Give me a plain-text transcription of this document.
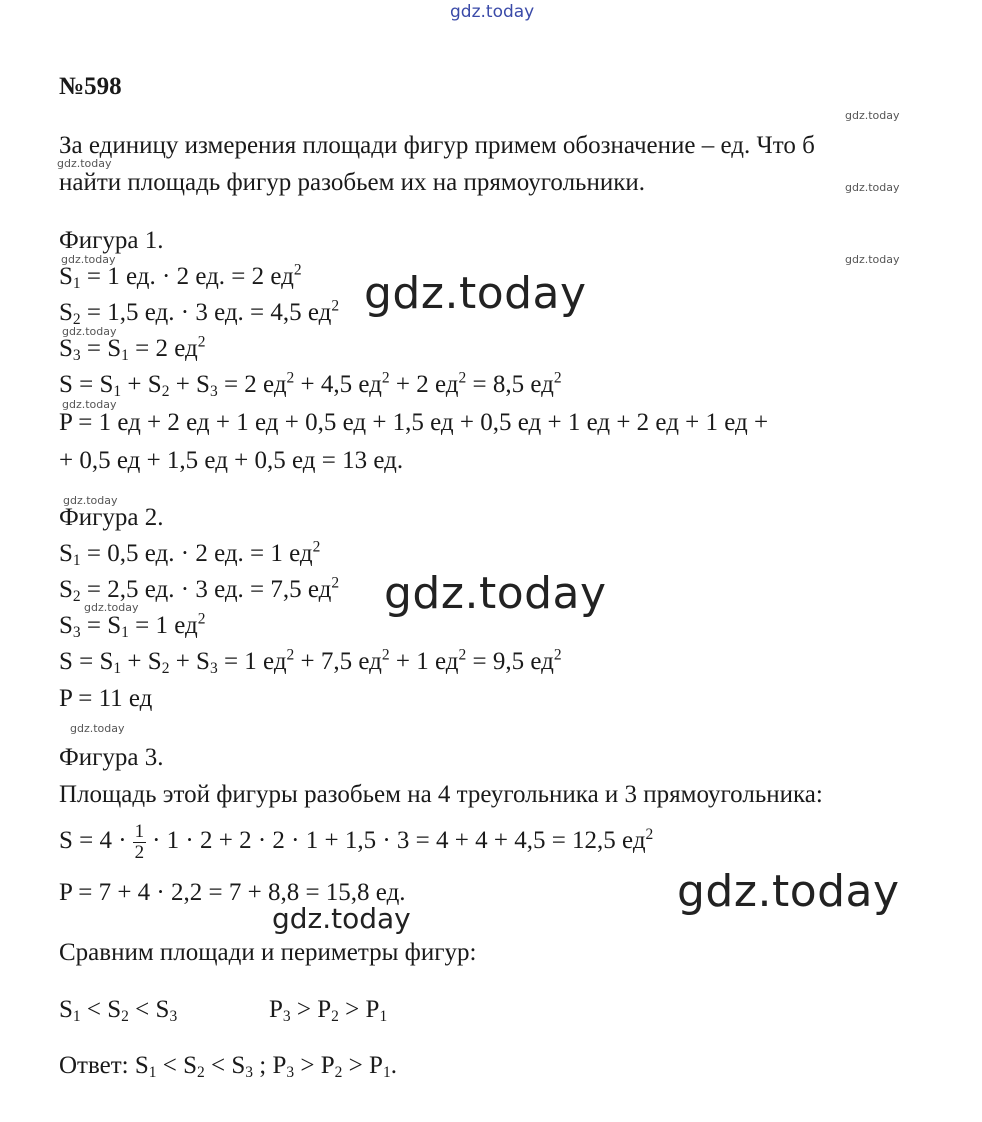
gdz.today
№598
За единицу измерения площади фигур примем обозначение – ед. Что б
найти площадь фигур разобьем их на прямоугольники.
Фигура 1.
$S_1 = 1$ ед. · 2 ед. = 2 $ед^2$
$S_2 = 1,5$ ед. · 3 ед. = 4,5 $ед^2$
$S_3 = S_1 = 2$ $ед^2$
$S = S_1 + S_2 + S_3 = 2$ $ед^2 + 4,5$ $ед^2 + 2$ $ед^2 = 8,5$ $ед^2$
P = 1 ед + 2 ед + 1 ед + 0,5 ед + 1,5 ед + 0,5 ед + 1 ед + 2 ед + 1 ед +
+ 0,5 ед + 1,5 ед + 0,5 ед = 13 ед.
Фигура 2.
$S_1 = 0,5$ ед. · 2 ед. = 1 $ед^2$
$S_2 = 2,5$ ед. · 3 ед. = 7,5 $ед^2$
$S_3 = S_1 = 1$ $ед^2$
$S = S_1 + S_2 + S_3 = 1$ $ед^2 + 7,5$ $ед^2 + 1$ $ед^2 = 9,5$ $ед^2$
P = 11 ед
Фигура 3.
Площадь этой фигуры разобьем на 4 треугольника и 3 прямоугольника:
$S = 4 \cdot \frac{1}{2} \cdot 1 \cdot 2 + 2 \cdot 2 \cdot 1 + 1,5 \cdot 3 = 4 + 4 + 4,5 = 12,5$ $ед^2$
P = 7 + 4 · 2,2 = 7 + 8,8 = 15,8 ед.
Сравним площади и периметры фигур:
$S_1 < S_2 < S_3$	$P_3 > P_2 > P_1$
Ответ: $S_1 < S_2 < S_3$ ; $P_3 > P_2 > P_1$.
gdz.today
gdz.today
gdz.today
gdz.today
gdz.today
gdz.today
gdz.today
gdz.today	gdz.today
gdz.today
gdz.today
gdz.today
gdz.today
gdz.today
